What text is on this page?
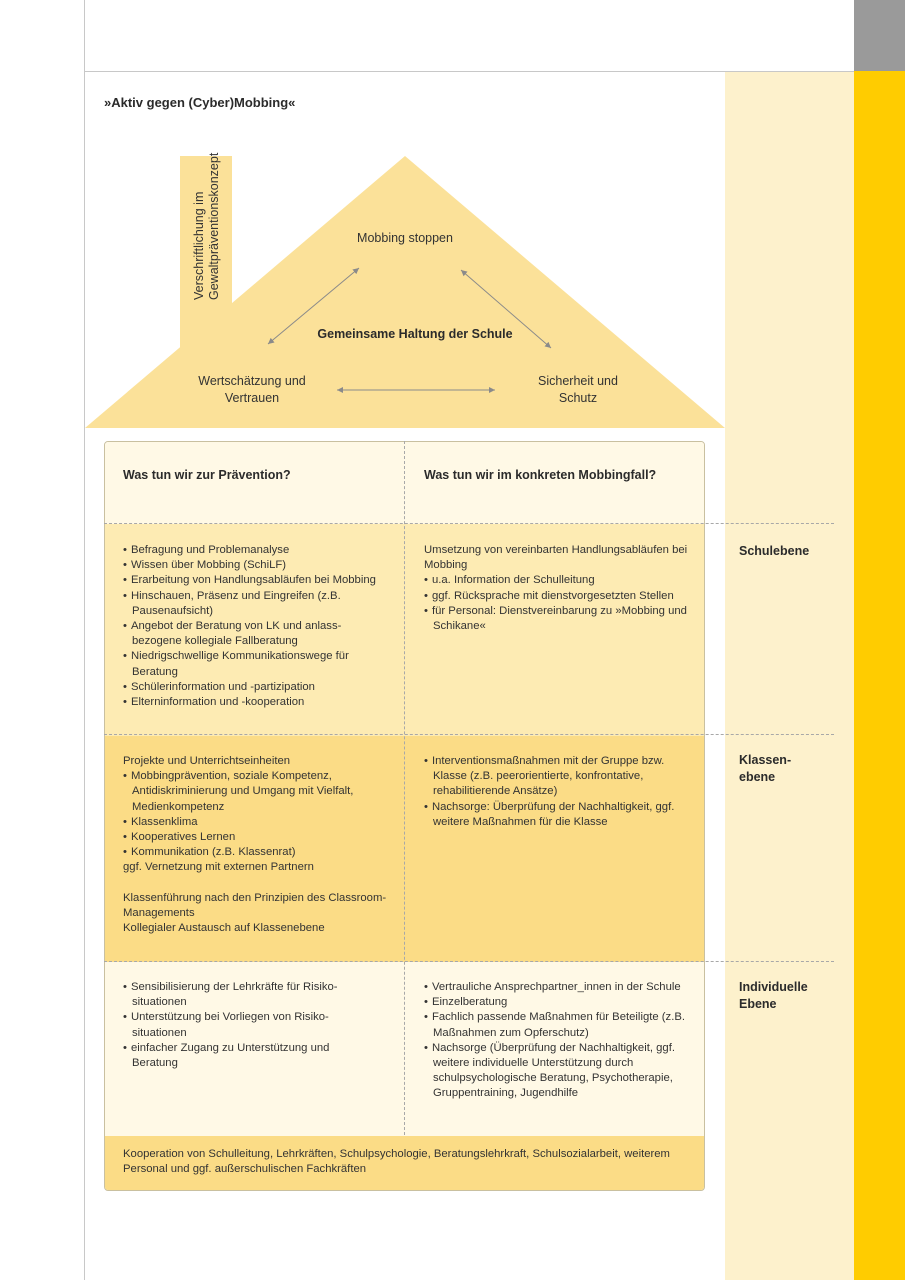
»Aktiv gegen (Cyber)Mobbing«
Verschriftlichung im Gewaltpräventionskonzept	Mobbing stoppen
Wertschätzung und Vertrauen
Sicherheit und Schutz
Gemeinsame Haltung der Schule
Was tun wir zur Prävention?	Was tun wir im konkreten Mobbingfall?
• Befragung und Problemanalyse
• Wissen über Mobbing (SchiLF)
• Erarbeitung von Handlungsabläufen bei Mobbing
• Hinschauen, Präsenz und Eingreifen (z.B. Pausenaufsicht)
• Angebot der Beratung von LK und anlass-bezogene kollegiale Fallberatung
• Niedrigschwellige Kommunikationswege für Beratung
• Schülerinformation und -partizipation
• Elterninformation und -kooperation

Umsetzung von vereinbarten Handlungsabläufen bei Mobbing

• u.a. Information der Schulleitung
• ggf. Rücksprache mit dienstvorgesetzten Stellen
• für Personal: Dienstvereinbarung zu »Mobbing und Schikane«
Schulebene

Projekte und Unterrichtseinheiten

• Mobbingprävention, soziale Kompetenz, Antidiskriminierung und Umgang mit Vielfalt, Medienkompetenz
• Klassenklima
• Kooperatives Lernen
• Kommunikation (z.B. Klassenrat)

ggf. Vernetzung mit externen Partnern

Klassenführung nach den Prinzipien des Classroom-Managements

Kollegialer Austausch auf Klassenebene

• Interventionsmaßnahmen mit der Gruppe bzw. Klasse (z.B. peerorientierte, konfrontative, rehabilitierende Ansätze)
• Nachsorge: Überprüfung der Nachhaltigkeit, ggf. weitere Maßnahmen für die Klasse
Klassen-ebene
• Sensibilisierung der Lehrkräfte für Risiko-situationen
• Unterstützung bei Vorliegen von Risiko-situationen
• einfacher Zugang zu Unterstützung und Beratung
• Vertrauliche Ansprechpartner_innen in der Schule
• Einzelberatung
• Fachlich passende Maßnahmen für Beteiligte (z.B. Maßnahmen zum Opferschutz)
• Nachsorge (Überprüfung der Nachhaltigkeit, ggf. weitere individuelle Unterstützung durch schulpsychologische Beratung, Psychotherapie, Gruppentraining, Jugendhilfe
Individuelle Ebene
Kooperation von Schulleitung, Lehrkräften, Schulpsychologie, Beratungslehrkraft, Schulsozialarbeit, weiterem Personal und ggf. außerschulischen Fachkräften
